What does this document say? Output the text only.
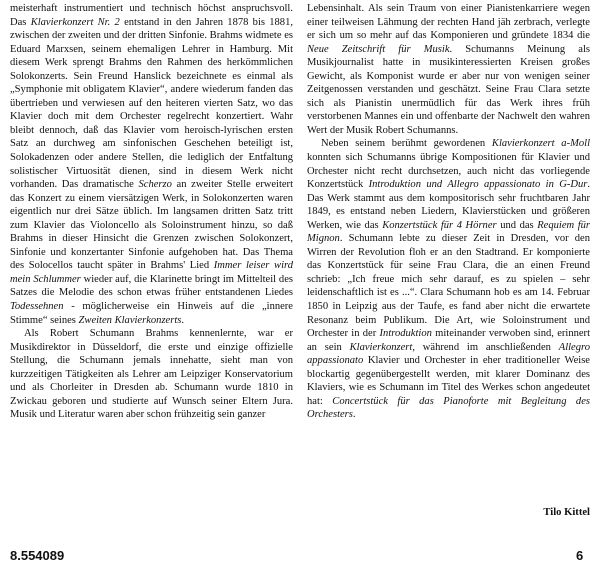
meisterhaft instrumentiert und technisch höchst anspruchsvoll. Das Klavierkonzert Nr. 2 entstand in den Jahren 1878 bis 1881, zwischen der zweiten und der dritten Sinfonie. Brahms widmete es Eduard Marxsen, seinem ehemaligen Lehrer in Hamburg. Mit diesem Werk sprengt Brahms den Rahmen des herkömmlichen Solokonzerts. Sein Freund Hanslick bezeichnete es einmal als „Symphonie mit obligatem Klavier“, andere wiederum fanden das übertrieben und verwiesen auf den heiteren vierten Satz, wo das Klavier doch mit dem Orchester regelrecht konzertiert. Wahr bleibt dennoch, daß das Klavier vom heroisch-lyrischen ersten Satz an durchweg am sinfonischen Geschehen beteiligt ist, Solokadenzen oder andere Stellen, die lediglich der Entfaltung solistischer Virtuosität dienen, sind in diesem Werk nicht vorhanden. Das dramatische Scherzo an zweiter Stelle erweitert das Konzert zu einem viersätzigen Werk, in Solokonzerten waren eigentlich nur drei Sätze üblich. Im langsamen dritten Satz tritt zum Klavier das Violoncello als Soloinstrument hinzu, so daß Brahms in dieser Hinsicht die Grenzen zwischen Solokonzert, Sinfonie und konzertanter Sinfonie aufgehoben hat. Das Thema des Solocellos taucht später in Brahms' Lied Immer leiser wird mein Schlummer wieder auf, die Klarinette bringt im Mittelteil des Satzes die Melodie des schon etwas früher entstandenen Liedes Todessehnen - möglicherweise ein Hinweis auf die „innere Stimme“ seines Zweiten Klavierkonzerts.

Als Robert Schumann Brahms kennenlernte, war er Musikdirektor in Düsseldorf, die erste und einzige offizielle Stellung, die Schumann jemals innehatte, sieht man von kurzzeitigen Tätigkeiten als Lehrer am Leipziger Konservatorium und als Chorleiter in Dresden ab. Schumann wurde 1810 in Zwickau geboren und studierte auf Wunsch seiner Eltern Jura. Musik und Literatur waren aber schon frühzeitig sein ganzer

Lebensinhalt. Als sein Traum von einer Pianistenkarriere wegen einer teilweisen Lähmung der rechten Hand jäh zerbrach, verlegte er sich um so mehr auf das Komponieren und gründete 1834 die Neue Zeitschrift für Musik. Schumanns Meinung als Musikjournalist hatte in musikinteressierten Kreisen großes Gewicht, als Komponist wurde er aber nur von wenigen seiner Zeitgenossen verstanden und geschätzt. Seine Frau Clara setzte sich als Pianistin unermüdlich für das Werk ihres früh verstorbenen Mannes ein und offenbarte der Nachwelt den wahren Wert der Musik Robert Schumanns.

Neben seinem berühmt gewordenen Klavierkonzert a-Moll konnten sich Schumanns übrige Kompositionen für Klavier und Orchester nicht recht durchsetzen, auch nicht das vorliegende Konzertstück Introduktion und Allegro appassionato in G-Dur. Das Werk stammt aus dem kompositorisch sehr fruchtbaren Jahr 1849, es entstand neben Liedern, Klavierstücken und größeren Werken, wie das Konzertstück für 4 Hörner und das Requiem für Mignon. Schumann lebte zu dieser Zeit in Dresden, vor den Wirren der Revolution floh er an den Stadtrand. Er komponierte das Konzertstück für seine Frau Clara, die an einen Freund schrieb: „Ich freue mich sehr darauf, es zu spielen – sehr leidenschaftlich ist es ...“. Clara Schumann hob es am 14. Februar 1850 in Leipzig aus der Taufe, es fand aber nicht die erwartete Resonanz beim Publikum. Die Art, wie Soloinstrument und Orchester in der Introduktion miteinander verwoben sind, erinnert an sein Klavierkonzert, während im anschließenden Allegro appassionato Klavier und Orchester in eher traditioneller Weise blockartig gegenübergestellt werden, mit klarer Dominanz des Klaviers, wie es Schumann im Titel des Werkes schon angedeutet hat: Concertstück für das Pianoforte mit Begleitung des Orchesters.

Tilo Kittel
8.554089	6
